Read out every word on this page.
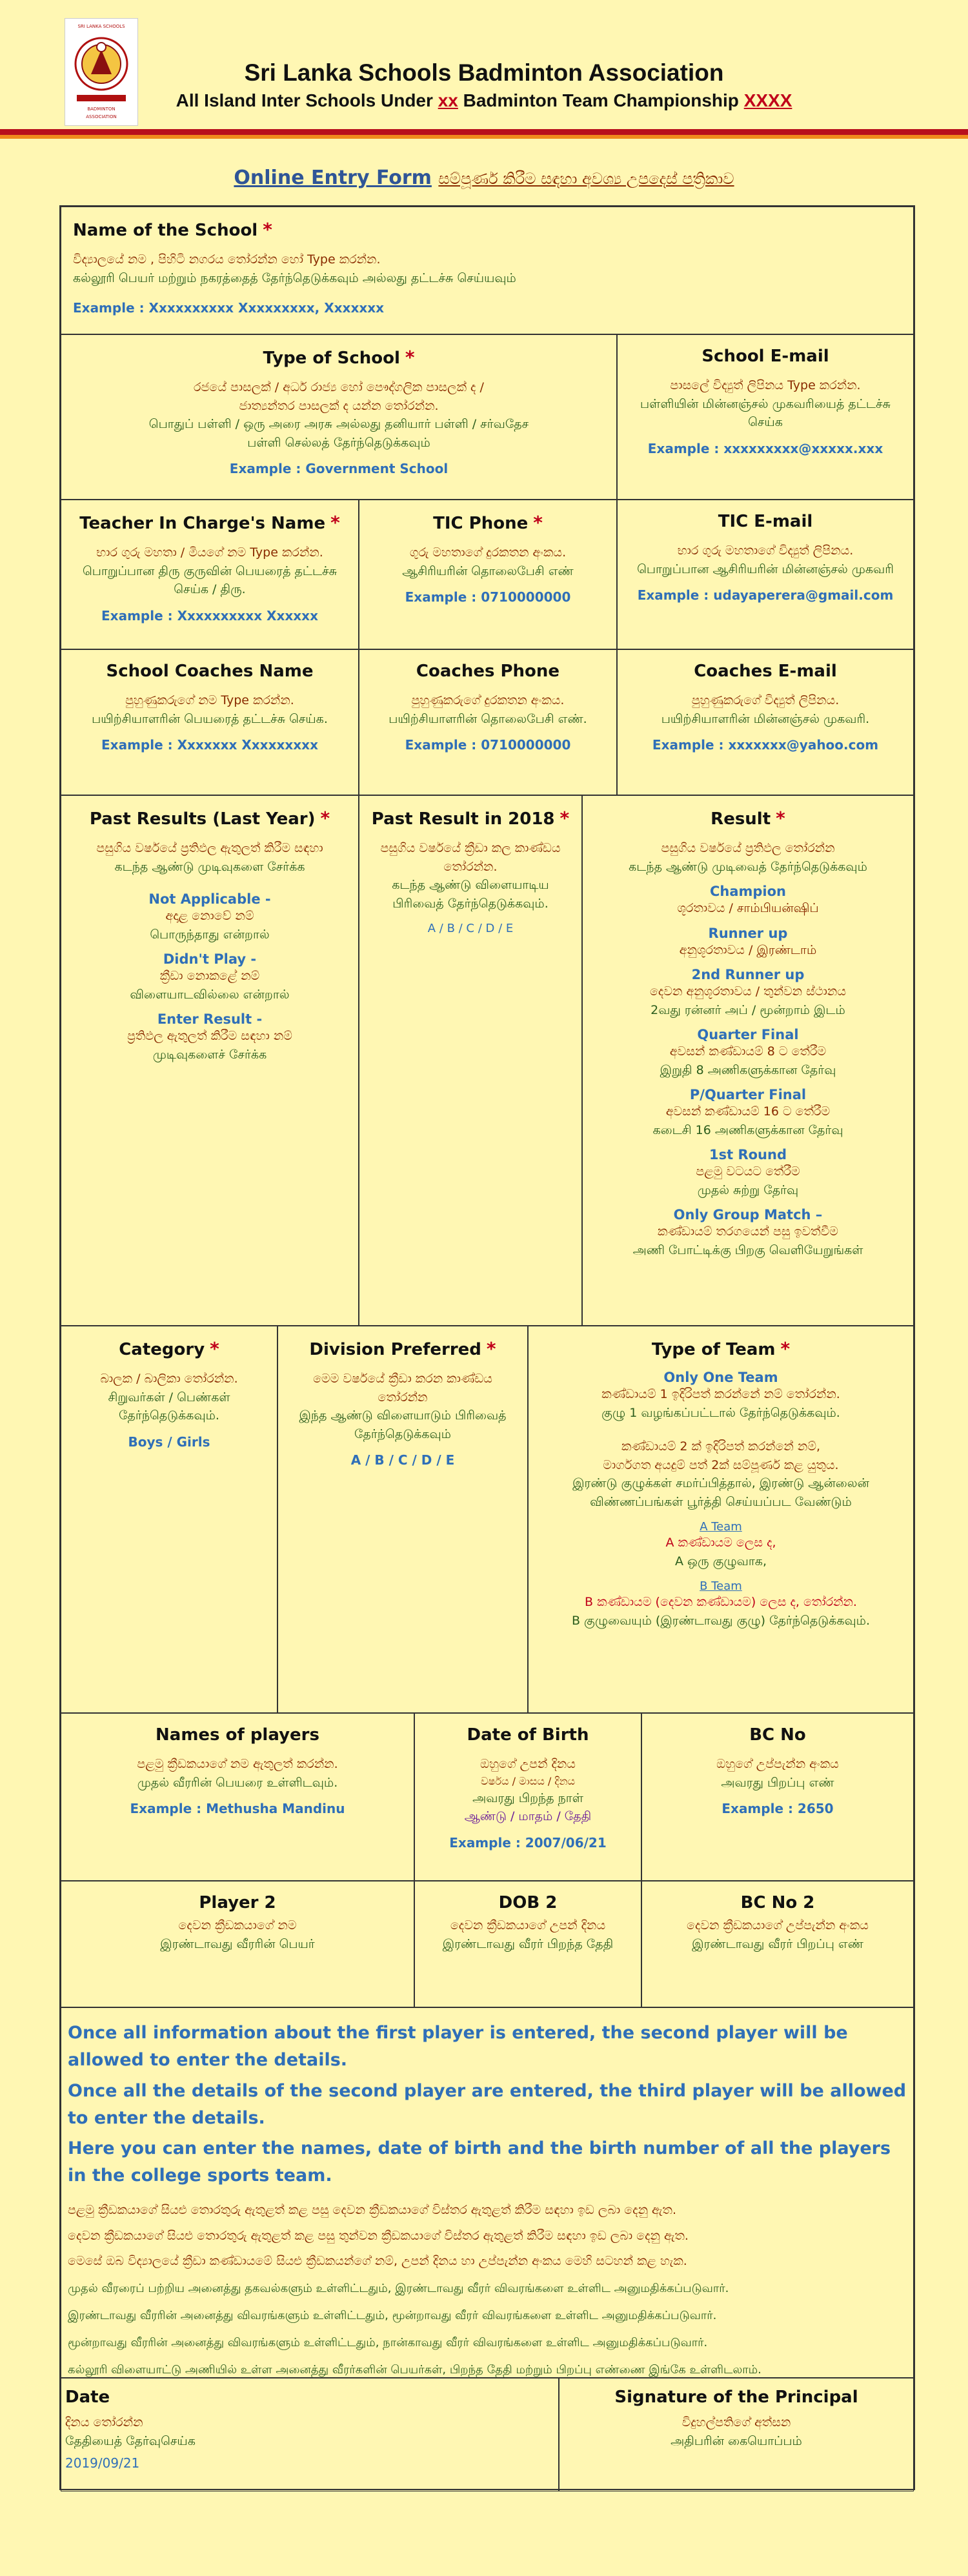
SRI LANKA SCHOOLS
BADMINTON
ASSOCIATION
Sri Lanka Schools Badminton Association
All Island Inter Schools Under xx Badminton Team Championship XXXX
Online Entry Form සම්පූර්ණ කිරීම සඳහා අවශ්‍ය උපදෙස් පත්‍රිකාව
Name of the School *
විද්‍යාලයේ නම , පිහිටි නගරය තෝරන්න හෝ Type කරන්න.
கல்லூரி பெயர் மற்றும் நகரத்தைத் தேர்ந்தெடுக்கவும் அல்லது தட்டச்சு செய்யவும்
Example : Xxxxxxxxxx Xxxxxxxxx, Xxxxxxx
Type of School *
රජයේ පාසලක් / අර්ධ රාජ්‍ය හෝ පෞද්ගලික පාසලක් ද /
ජාත්‍යන්තර පාසලක් ද යන්න තෝරන්න.
பொதுப் பள்ளி / ஒரு அரை அரசு அல்லது தனியார் பள்ளி / சர்வதேச
பள்ளி செல்லத் தேர்ந்தெடுக்கவும்
Example : Government School
School E-mail
පාසලේ විද්‍යුත් ලිපිනය Type කරන්න.
பள்ளியின் மின்னஞ்சல் முகவரியைத் தட்டச்சு செய்க
Example : xxxxxxxxx@xxxxx.xxx
Teacher In Charge's Name *
භාර ගුරු මහතා / මියගේ නම Type කරන්න.
பொறுப்பான திரு குருவின் பெயரைத் தட்டச்சு செய்க / திரு.
Example : Xxxxxxxxxx Xxxxxx
TIC Phone *
ගුරු මහතාගේ දුරකතන අංකය.
ஆசிரியரின் தொலைபேசி எண்
Example : 0710000000
TIC E-mail
භාර ගුරු මහතාගේ විද්‍යුත් ලිපිනය.
பொறுப்பான ஆசிரியரின் மின்னஞ்சல் முகவரி
Example : udayaperera@gmail.com
School Coaches Name
පුහුණුකරුගේ නම Type කරන්න.
பயிற்சியாளரின் பெயரைத் தட்டச்சு செய்க.
Example : Xxxxxxx Xxxxxxxxx
Coaches Phone
පුහුණුකරුගේ දුරකතන අංකය.
பயிற்சியாளரின் தொலைபேசி எண்.
Example : 0710000000
Coaches E-mail
පුහුණුකරුගේ විද්‍යුත් ලිපිනය.
பயிற்சியாளரின் மின்னஞ்சல் முகவரி.
Example : xxxxxxx@yahoo.com
Past Results (Last Year) *
පසුගිය වර්ෂයේ ප්‍රතිඵල ඇතුලත් කිරීම සඳහා
கடந்த ஆண்டு முடிவுகளை சேர்க்க
Not Applicable -
අදාළ නොවේ නම්
பொருந்தாது என்றால்
Didn't Play -
ක්‍රීඩා නොකළේ නම්
விளையாடவில்லை என்றால்
Enter Result -
ප්‍රතිඵල ඇතුලත් කිරීම සඳහා නම්
முடிவுகளைச் சேர்க்க
Past Result in 2018 *
පසුගිය වර්ෂයේ ක්‍රීඩා කල කාණ්ඩය තෝරන්න.
கடந்த ஆண்டு விளையாடிய பிரிவைத் தேர்ந்தெடுக்கவும்.
A / B / C / D / E
Result *
පසුගිය වර්ෂයේ ප්‍රතිඵල තෝරන්න
கடந்த ஆண்டு முடிவைத் தேர்ந்தெடுக்கவும்
Champion
ශූරතාවය / சாம்பியன்ஷிப்
Runner up
අනුශූරතාවය / இரண்டாம்
2nd Runner up
දෙවන අනුශූරතාවය / තුන්වන ස්ථානය
2வது ரன்னர் அப் / மூன்றாம் இடம்
Quarter Final
අවසන් කණ්ඩායම් 8 ට තේරීම
இறுதி 8 அணிகளுக்கான தேர்வு
P/Quarter Final
අවසන් කණ්ඩායම් 16 ට තේරීම
கடைசி 16 அணிகளுக்கான தேர்வு
1st Round
පළමු වටයට තේරීම
முதல் சுற்று தேர்வு
Only Group Match –
කණ්ඩායම් තරගයෙන් පසු ඉවත්වීම
அணி போட்டிக்கு பிறகு வெளியேறுங்கள்
Category *
බාලක / බාලිකා තෝරන්න.
சிறுவர்கள் / பெண்கள் தேர்ந்தெடுக்கவும்.
Boys / Girls
Division Preferred *
මෙම වර්ෂයේ ක්‍රීඩා කරන කාණ්ඩය තෝරන්න
இந்த ஆண்டு விளையாடும் பிரிவைத் தேர்ந்தெடுக்கவும்
A / B / C / D / E
Type of Team *
Only One Team
කණ්ඩායම් 1 ඉදිරිපත් කරන්නේ නම් තෝරන්න.
குழு 1 வழங்கப்பட்டால் தேர்ந்தெடுக்கவும்.
කණ්ඩායම් 2 ක් ඉදිරිපත් කරන්නේ නම්,
මාර්ගගත අයදුම් පත් 2ක් සම්පූර්ණ කළ යුතුය.
இரண்டு குழுக்கள் சமர்ப்பித்தால், இரண்டு ஆன்லைன் விண்ணப்பங்கள் பூர்த்தி செய்யப்பட வேண்டும்
A Team
A කණ්ඩායම ලෙස ද,
A ஒரு குழுவாக,
B Team
B කණ්ඩායම (දෙවන කණ්ඩායම) ලෙස ද, තෝරන්න.
B குழுவையும் (இரண்டாவது குழு) தேர்ந்தெடுக்கவும்.
Names of players
පළමු ක්‍රීඩකයාගේ නම ඇතුලත් කරන්න.
முதல் வீரரின் பெயரை உள்ளிடவும்.
Example : Methusha Mandinu
Date of Birth
ඔහුගේ උපන් දිනය
වර්ෂය / මාසය / දිනය
அவரது பிறந்த நாள்
ஆண்டு / மாதம் / தேதி
Example : 2007/06/21
BC No
ඔහුගේ උප්පැන්න අංකය
அவரது பிறப்பு எண்
Example : 2650
Player 2
දෙවන ක්‍රීඩකයාගේ නම
இரண்டாவது வீரரின் பெயர்
DOB 2
දෙවන ක්‍රීඩකයාගේ උපන් දිනය
இரண்டாவது வீரர் பிறந்த தேதி
BC No 2
දෙවන ක්‍රීඩකයාගේ උප්පැන්න අංකය
இரண்டாவது வீரர் பிறப்பு எண்
Once all information about the first player is entered, the second player will be allowed to enter the details.
Once all the details of the second player are entered, the third player will be allowed to enter the details.
Here you can enter the names, date of birth and the birth number of all the players in the college sports team.
පළමු ක්‍රීඩකයාගේ සියළු තොරතුරු ඇතුළත් කළ පසු දෙවන ක්‍රීඩකයාගේ විස්තර ඇතුළත් කිරීම සඳහා ඉඩ ලබා දෙනු ඇත.
දෙවන ක්‍රීඩකයාගේ සියළු තොරතුරු ඇතුළත් කළ පසු තුන්වන ක්‍රීඩකයාගේ විස්තර ඇතුළත් කිරීම සඳහා ඉඩ ලබා දෙනු ඇත.
මෙසේ ඔබ විද්‍යාලයේ ක්‍රීඩා කණ්ඩායමේ සියළු ක්‍රීඩකයන්ගේ නම්, උපන් දිනය හා උප්පැන්න අංකය මෙහි සටහන් කළ හැක.
முதல் வீரரைப் பற்றிய அனைத்து தகவல்களும் உள்ளிட்டதும், இரண்டாவது வீரர் விவரங்களை உள்ளிட அனுமதிக்கப்படுவார்.
இரண்டாவது வீரரின் அனைத்து விவரங்களும் உள்ளிட்டதும், மூன்றாவது வீரர் விவரங்களை உள்ளிட அனுமதிக்கப்படுவார்.
மூன்றாவது வீரரின் அனைத்து விவரங்களும் உள்ளிட்டதும், நான்காவது வீரர் விவரங்களை உள்ளிட அனுமதிக்கப்படுவார்.
கல்லூரி விளையாட்டு அணியில் உள்ள அனைத்து வீரர்களின் பெயர்கள், பிறந்த தேதி மற்றும் பிறப்பு எண்ணை இங்கே உள்ளிடலாம்.
Date
දිනය තෝරන්න
தேதியைத் தேர்வுசெய்க
2019/09/21
Signature of the Principal
විදුහල්පතිගේ අත්සන
அதிபரின் கையொப்பம்
